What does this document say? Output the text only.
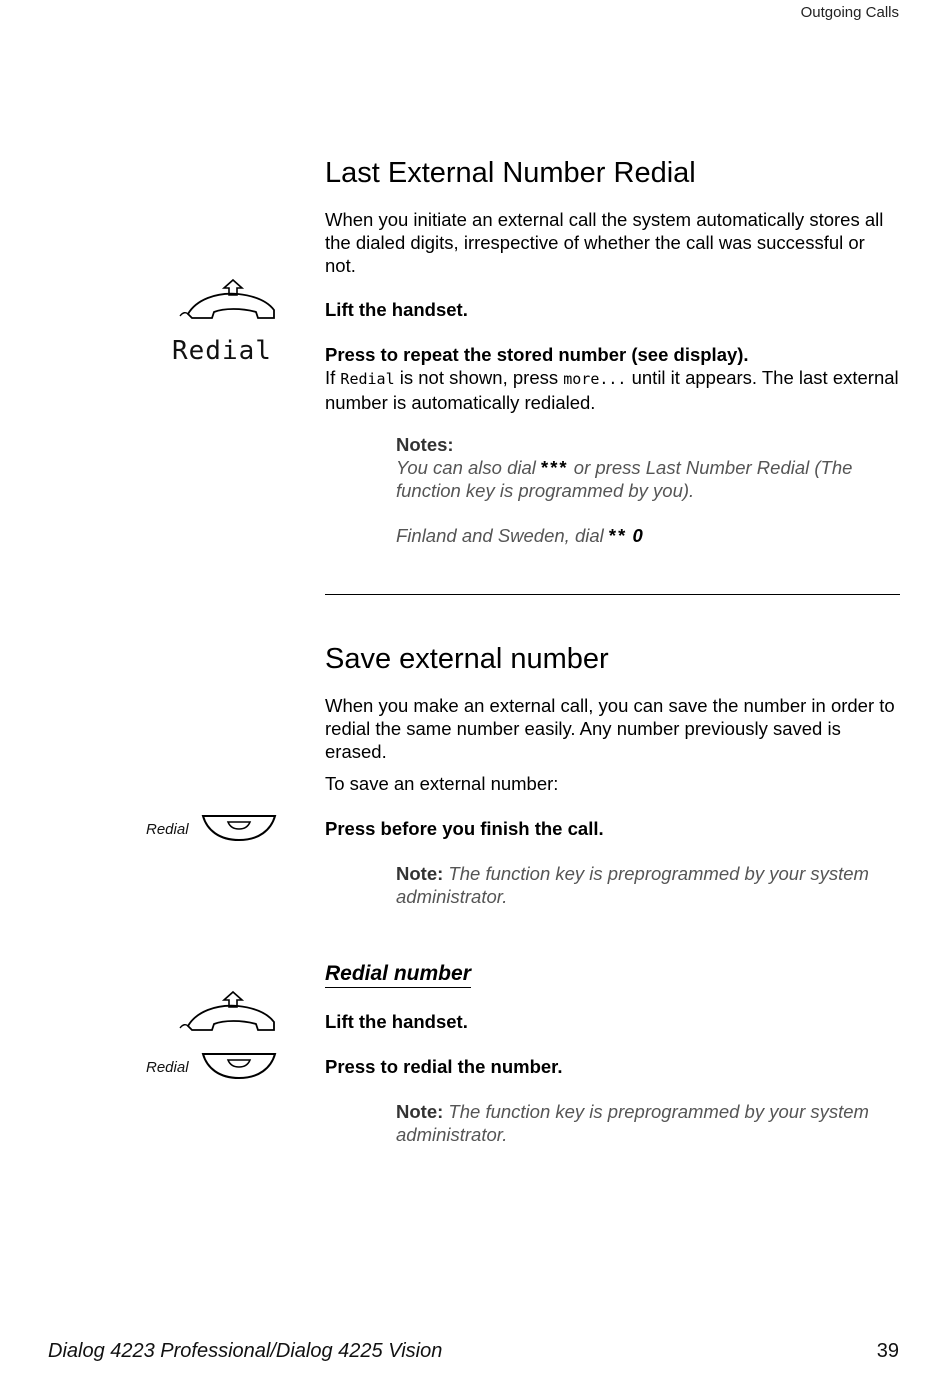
Outgoing Calls
Last External Number Redial

When you initiate an external call the system automatically stores all the dialed digits, irrespective of whether the call was successful or not.

Lift the handset.
Redial	Press to repeat the stored number (see display).
If Redial is not shown, press more... until it appears. The last external number is automatically redialed.
Notes:
You can also dial *** or press Last Number Redial (The function key is programmed by you).
Finland and Sweden, dial ** 0
Save external number

When you make an external call, you can save the number in order to redial the same number easily. Any number previously saved is erased.

To save an external number:

Redial	Press before you finish the call.
Note: The function key is preprogrammed by your system administrator.
Redial number
Lift the handset.
Redial	Press to redial the number.
Note: The function key is preprogrammed by your system administrator.
Dialog 4223 Professional/Dialog 4225 Vision	39
